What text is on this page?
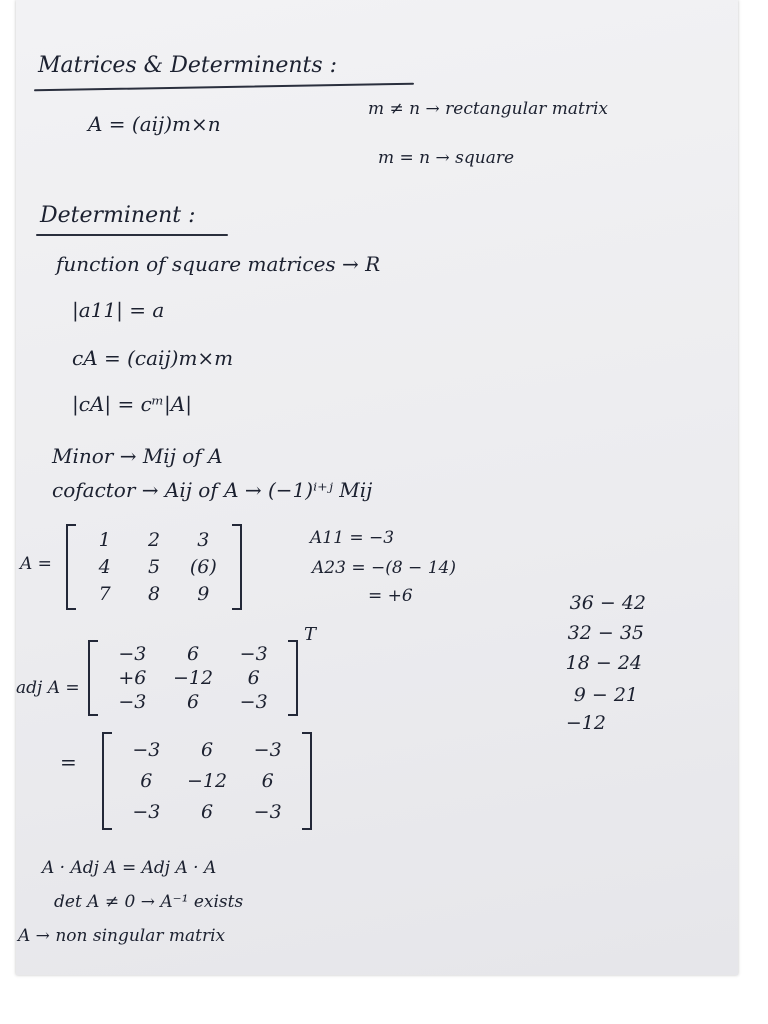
Matrices & Determinents :
A = (aij)m×n
m ≠ n → rectangular matrix
m = n → square
Determinent :
function of square matrices → R
|a11| = a
cA = (caij)m×m
|cA| = cᵐ|A|
Minor → Mij of A
cofactor → Aij of A → (−1)ⁱ⁺ʲ Mij
A =
1	2	3
4	5	(6)
7	8	9
A11 = −3
A23 = −(8 − 14)
= +6	36 − 42
32 − 35
18 − 24
9 − 21
−12
adj A =
−3	6	−3
+6	−12	6
−3	6	−3
T
=
−3	6	−3
6	−12	6
−3	6	−3
A · Adj A = Adj A · A
det A ≠ 0 → A⁻¹ exists
A → non singular matrix
